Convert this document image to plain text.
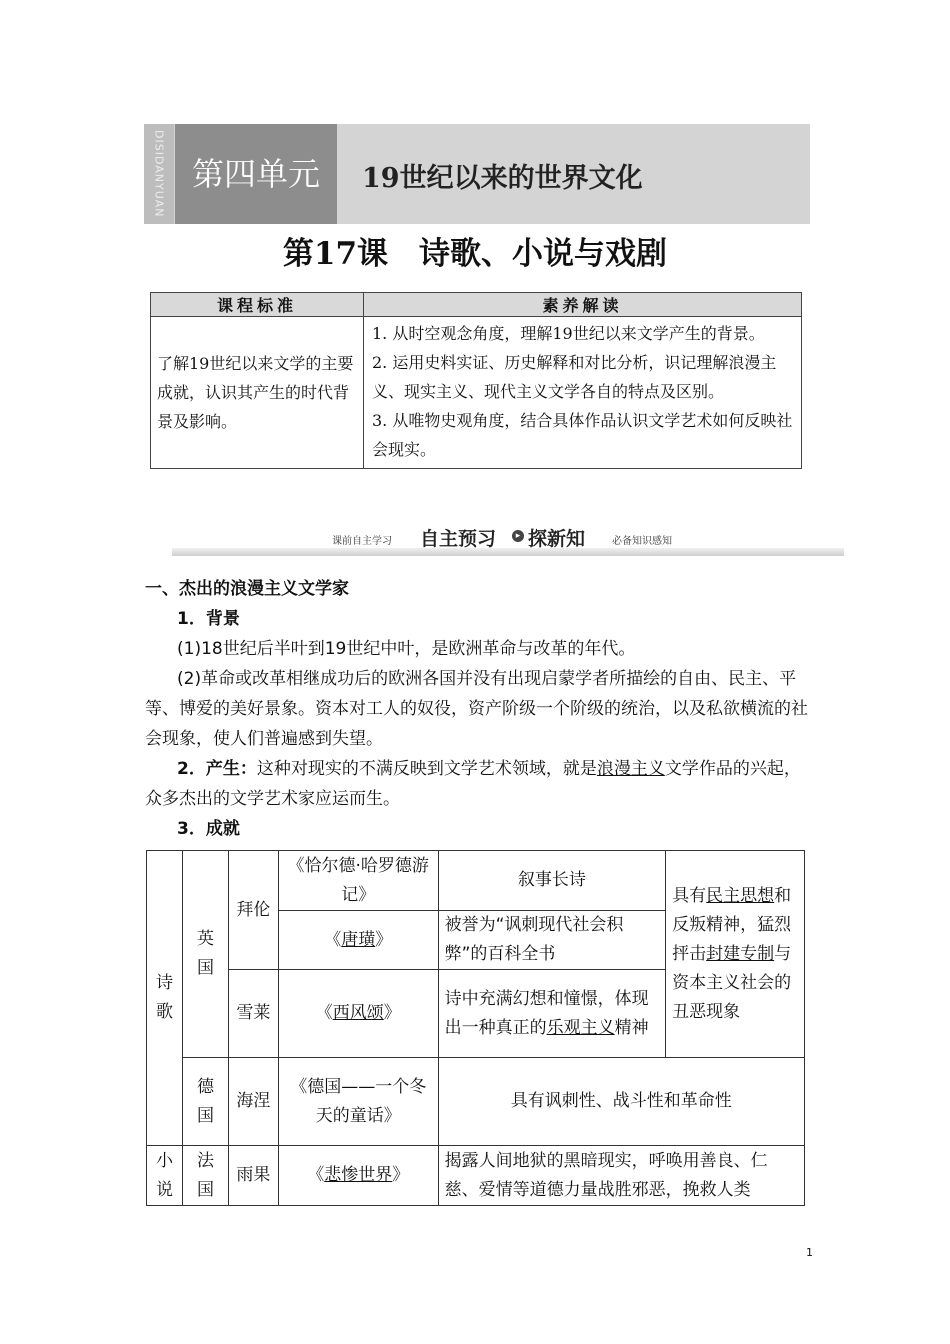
DISIDANYUAN 第四单元	19世纪以来的世界文化
第17课　诗歌、小说与戏剧
课程标准	素养解读
了解19世纪以来文学的主要成就，认识其产生的时代背景及影响。	1. 从时空观念角度，理解19世纪以来文学产生的背景。

2. 运用史料实证、历史解释和对比分析，识记理解浪漫主义、现实主义、现代主义文学各自的特点及区别。

3. 从唯物史观角度，结合具体作品认识文学艺术如何反映社会现实。

课前自主学习 自主预习	▸ 探新知	必备知识感知

一、杰出的浪漫主义文学家

1．背景

(1)18世纪后半叶到19世纪中叶，是欧洲革命与改革的年代。

(2)革命或改革相继成功后的欧洲各国并没有出现启蒙学者所描绘的自由、民主、平等、博爱的美好景象。资本对工人的奴役，资产阶级一个阶级的统治，以及私欲横流的社会现象，使人们普遍感到失望。

2．产生：这种对现实的不满反映到文学艺术领域，就是浪漫主义文学作品的兴起，众多杰出的文学艺术家应运而生。

3．成就

诗歌	英国	拜伦	《恰尔德·哈罗德游记》	叙事长诗	具有民主思想和反叛精神，猛烈抨击封建专制与资本主义社会的丑恶现象
			《唐璜》	被誉为“讽刺现代社会积弊”的百科全书	
		雪莱	《西风颂》	诗中充满幻想和憧憬，体现出一种真正的乐观主义精神	
	德国	海涅	《德国——一个冬天的童话》	具有讽刺性、战斗性和革命性	
小说	法国	雨果	《悲惨世界》	揭露人间地狱的黑暗现实，呼唤用善良、仁慈、爱情等道德力量战胜邪恶，挽救人类	
1
